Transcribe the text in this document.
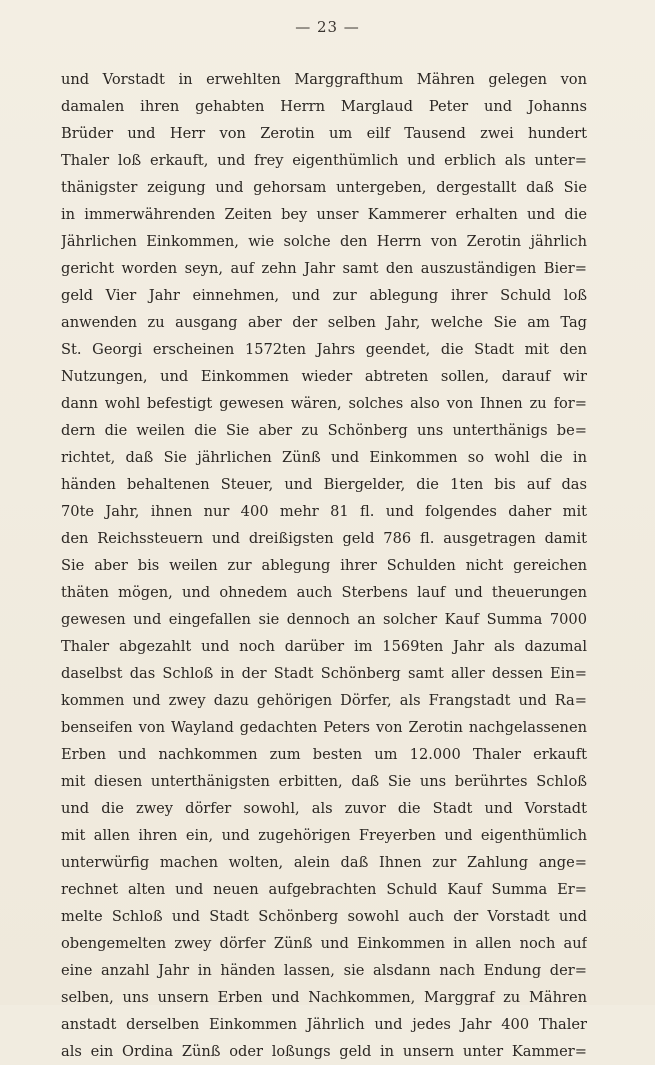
— 23 —
und Vorstadt in erwehlten Marggrafthum Mähren gelegen von
damalen ihren gehabten Herrn Marglaud Peter und Johanns
Brüder und Herr von Zerotin um eilf Tausend zwei hundert
Thaler loß erkauft, und frey eigenthümlich und erblich als unter=
thänigster zeigung und gehorsam untergeben, dergestallt daß Sie
in immerwährenden Zeiten bey unser Kammerer erhalten und die
Jährlichen Einkommen, wie solche den Herrn von Zerotin jährlich
gericht worden seyn, auf zehn Jahr samt den auszuständigen Bier=
geld Vier Jahr einnehmen, und zur ablegung ihrer Schuld loß
anwenden zu ausgang aber der selben Jahr, welche Sie am Tag
St. Georgi erscheinen 1572ten Jahrs geendet, die Stadt mit den
Nutzungen, und Einkommen wieder abtreten sollen, darauf wir
dann wohl befestigt gewesen wären, solches also von Ihnen zu for=
dern die weilen die Sie aber zu Schönberg uns unterthänigs be=
richtet, daß Sie jährlichen Zünß und Einkommen so wohl die in
händen behaltenen Steuer, und Biergelder, die 1ten bis auf das
70te Jahr, ihnen nur 400 mehr 81 fl. und folgendes daher mit
den Reichssteuern und dreißigsten geld 786 fl. ausgetragen damit
Sie aber bis weilen zur ablegung ihrer Schulden nicht gereichen
thäten mögen, und ohnedem auch Sterbens lauf und theuerungen
gewesen und eingefallen sie dennoch an solcher Kauf Summa 7000
Thaler abgezahlt und noch darüber im 1569ten Jahr als dazumal
daselbst das Schloß in der Stadt Schönberg samt aller dessen Ein=
kommen und zwey dazu gehörigen Dörfer, als Frangstadt und Ra=
benseifen von Wayland gedachten Peters von Zerotin nachgelassenen
Erben und nachkommen zum besten um 12.000 Thaler erkauft
mit diesen unterthänigsten erbitten, daß Sie uns berührtes Schloß
und die zwey dörfer sowohl, als zuvor die Stadt und Vorstadt
mit allen ihren ein, und zugehörigen Freyerben und eigenthümlich
unterwürfig machen wolten, alein daß Ihnen zur Zahlung ange=
rechnet alten und neuen aufgebrachten Schuld Kauf Summa Er=
melte Schloß und Stadt Schönberg sowohl auch der Vorstadt und
obengemelten zwey dörfer Zünß und Einkommen in allen noch auf
eine anzahl Jahr in händen lassen, sie alsdann nach Endung der=
selben, uns unsern Erben und Nachkommen, Marggraf zu Mähren
anstadt derselben Einkommen Jährlich und jedes Jahr 400 Thaler
als ein Ordina Zünß oder loßungs geld in unsern unter Kammer=
